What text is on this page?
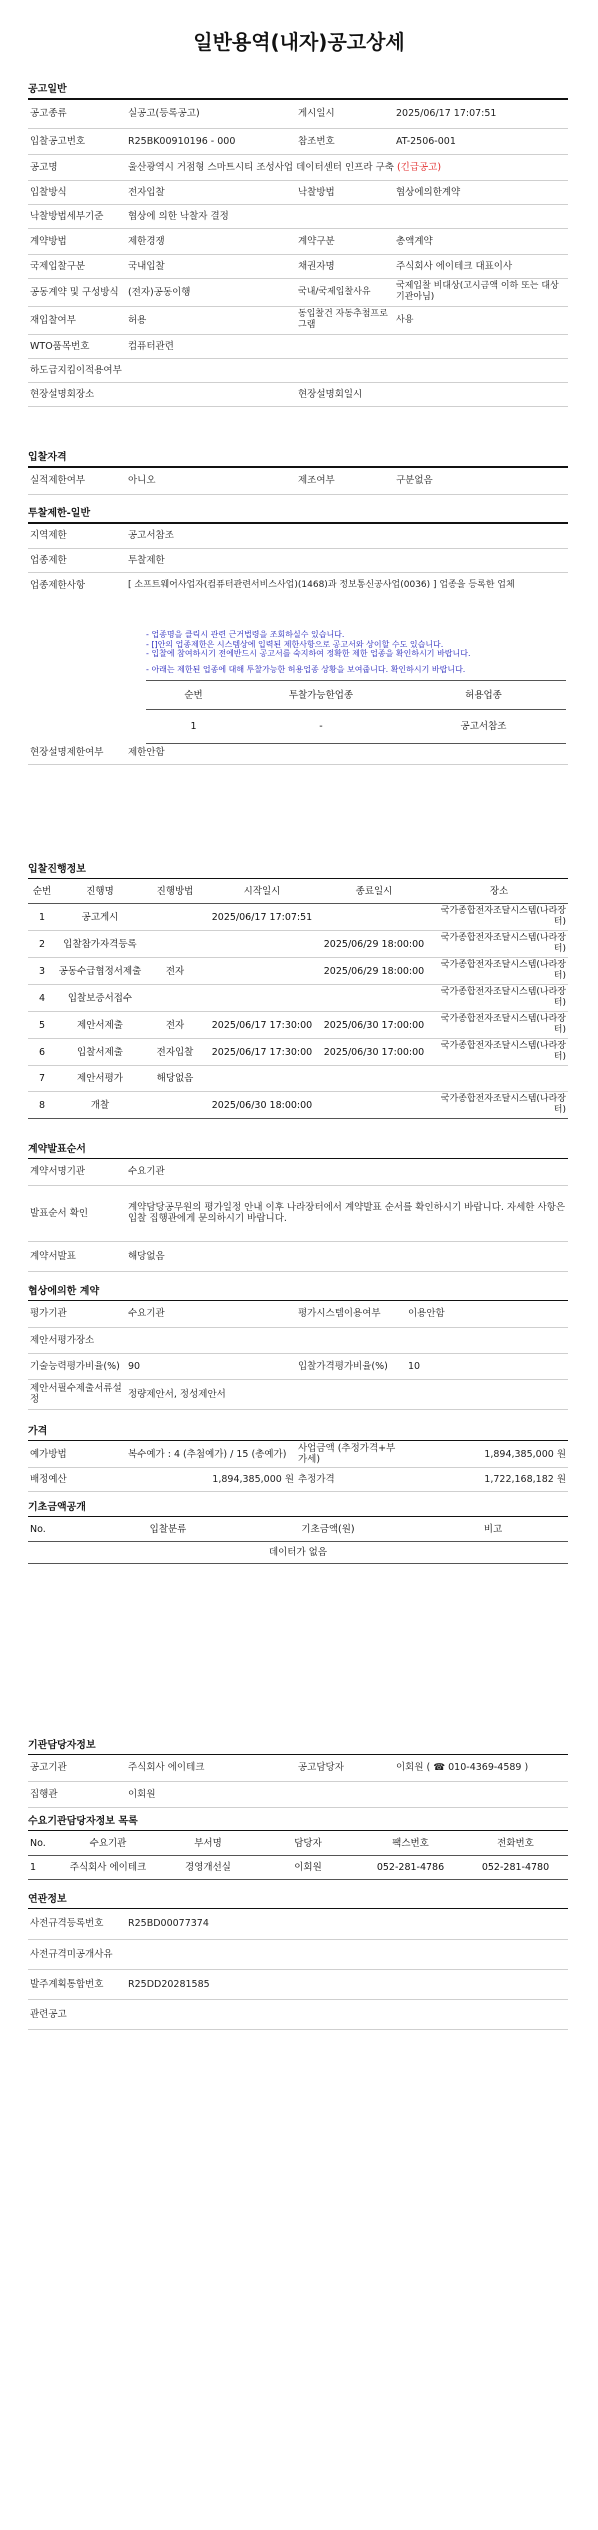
일반용역(내자)공고상세
공고일반
공고종류	실공고(등록공고)	게시일시	2025/06/17 17:07:51
입찰공고번호	R25BK00910196 - 000	참조번호	AT-2506-001
공고명	울산광역시 거점형 스마트시티 조성사업 데이터센터 인프라 구축 (긴급공고)		
입찰방식	전자입찰	낙찰방법	협상에의한계약
낙찰방법세부기준	협상에 의한 낙찰자 결정		
계약방법	제한경쟁	계약구분	총액계약
국제입찰구분	국내입찰	채권자명	주식회사 에이테크 대표이사
공동계약 및 구성방식	(전자)공동이행	국내/국제입찰사유	국제입찰 비대상(고시금액 이하 또는 대상기관아님)
재입찰여부	허용	동입찰건 자동추첨프로그램	사용
WTO품목번호	컴퓨터관련		
하도급지킴이적용여부			
현장설명회장소		현장설명회일시	
입찰자격
실적제한여부	아니오	제조여부	구분없음
투찰제한-일반
지역제한	공고서참조
업종제한	투찰제한
업종제한사항	[ 소프트웨어사업자(컴퓨터관련서비스사업)(1468)과 정보통신공사업(0036) ] 업종을 등록한 업체
- 업종명을 클릭시 관련 근거법령을 조회하실수 있습니다.
- []안의 업종제한은 시스템상에 입력된 제한사항으로 공고서와 상이할 수도 있습니다.
- 입찰에 참여하시기 전에반드시 공고서를 숙지하여 정확한 제한 업종을 확인하시기 바랍니다.
- 아래는 제한된 업종에 대해 투찰가능한 허용업종 상황을 보여줍니다. 확인하시기 바랍니다.
순번	투찰가능한업종	허용업종
1	-	공고서참조
현장설명제한여부	제한안함
입찰진행정보
순번	진행명	진행방법	시작일시	종료일시	장소
1	공고게시		2025/06/17 17:07:51		국가종합전자조달시스템(나라장터)
2	입찰참가자격등록			2025/06/29 18:00:00	국가종합전자조달시스템(나라장터)
3	공동수급협정서제출	전자		2025/06/29 18:00:00	국가종합전자조달시스템(나라장터)
4	입찰보증서접수				국가종합전자조달시스템(나라장터)
5	제안서제출	전자	2025/06/17 17:30:00	2025/06/30 17:00:00	국가종합전자조달시스템(나라장터)
6	입찰서제출	전자입찰	2025/06/17 17:30:00	2025/06/30 17:00:00	국가종합전자조달시스템(나라장터)
7	제안서평가	해당없음			
8	개찰		2025/06/30 18:00:00		국가종합전자조달시스템(나라장터)
계약발표순서
계약서명기관	수요기관
발표순서 확인	계약담당공무원의 평가일정 안내 이후 나라장터에서 계약발표 순서를 확인하시기 바랍니다. 자세한 사항은 입찰 집행관에게 문의하시기 바랍니다.
계약서발표	해당없음
협상에의한 계약
평가기관	수요기관	평가시스템이용여부	이용안함
제안서평가장소			
기술능력평가비율(%)	90	입찰가격평가비율(%)	10
제안서필수제출서류설정	정량제안서, 정성제안서		
가격
예가방법	복수예가 : 4 (추첨예가) / 15 (총예가)	사업금액 (추정가격+부가세)	1,894,385,000 원
배정예산	1,894,385,000 원	추정가격	1,722,168,182 원
기초금액공개
No.	입찰분류	기초금액(원)	비고
데이터가 없음
기관담당자정보
공고기관	주식회사 에이테크	공고담당자	이회원 ( ☎ 010-4369-4589 )
집행관	이회원		
수요기관담당자정보 목록
No.	수요기관	부서명	담당자	팩스번호	전화번호
1	주식회사 에이테크	경영개선실	이회원	052-281-4786	052-281-4780
연관정보
사전규격등록번호	R25BD00077374
사전규격미공개사유	
발주계획통합번호	R25DD20281585
관련공고	
